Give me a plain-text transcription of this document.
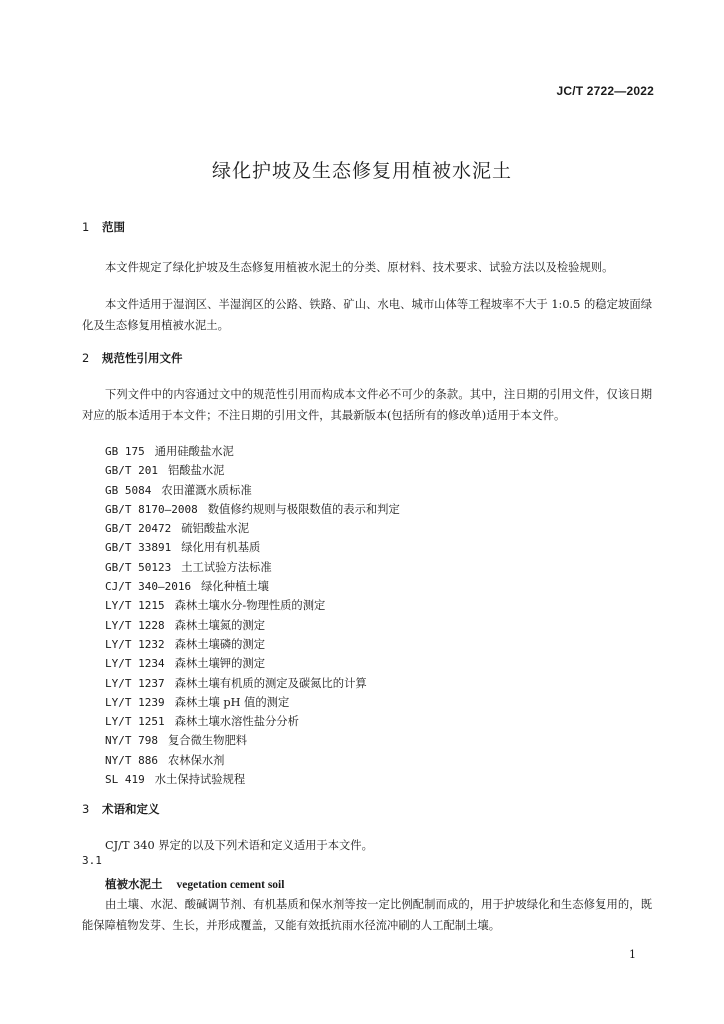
JC/T 2722—2022
绿化护坡及生态修复用植被水泥土
1 范围
本文件规定了绿化护坡及生态修复用植被水泥土的分类、原材料、技术要求、试验方法以及检验规则。
本文件适用于湿润区、半湿润区的公路、铁路、矿山、水电、城市山体等工程坡率不大于 1:0.5 的稳定坡面绿化及生态修复用植被水泥土。
2 规范性引用文件
下列文件中的内容通过文中的规范性引用而构成本文件必不可少的条款。其中，注日期的引用文件，仅该日期对应的版本适用于本文件；不注日期的引用文件，其最新版本(包括所有的修改单)适用于本文件。
GB 175 通用硅酸盐水泥
GB/T 201 铝酸盐水泥
GB 5084 农田灌溉水质标准
GB/T 8170—2008 数值修约规则与极限数值的表示和判定
GB/T 20472 硫铝酸盐水泥
GB/T 33891 绿化用有机基质
GB/T 50123 土工试验方法标准
CJ/T 340—2016 绿化种植土壤
LY/T 1215 森林土壤水分-物理性质的测定
LY/T 1228 森林土壤氮的测定
LY/T 1232 森林土壤磷的测定
LY/T 1234 森林土壤钾的测定
LY/T 1237 森林土壤有机质的测定及碳氮比的计算
LY/T 1239 森林土壤 pH 值的测定
LY/T 1251 森林土壤水溶性盐分分析
NY/T 798 复合微生物肥料
NY/T 886 农林保水剂
SL 419 水土保持试验规程
3 术语和定义
CJ/T 340 界定的以及下列术语和定义适用于本文件。
3.1
植被水泥土 vegetation cement soil
由土壤、水泥、酸碱调节剂、有机基质和保水剂等按一定比例配制而成的，用于护坡绿化和生态修复用的，既能保障植物发芽、生长，并形成覆盖，又能有效抵抗雨水径流冲刷的人工配制土壤。
1
